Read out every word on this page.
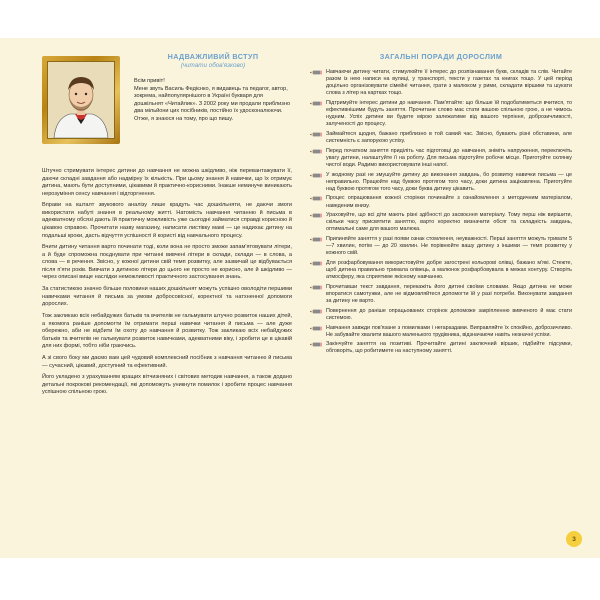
НАДВАЖЛИВИЙ ВСТУП
(читати обов'язково)

Всім привіт!

Мене звуть Василь Федієнко, я видавець та педагог, автор, зокрема, найпопулярнішого в Україні букваря для дошкільнят «Читайлик». З 2002 року ми продали приблизно два мільйони цих посібників, постійно їх удосконалюючи. Отже, я знаюся на тому, про що пишу.

Штучно стримувати інтерес дитини до навчання не можна шкідливо, ніж перевантажувати її, даючи складні завдання або надмірну їх кількість. При цьому знання й навички, що їх отримує дитина, мають бути доступними, цікавими й практично-корисними. Інакше неминуче виникають нерозуміння сенсу навчання і відторгнення.

Вправи на кшталт звукового аналізу лише крадуть час дошкільняти, не даючи змоги використати набуті знання в реальному житті. Натомість навчання читанню й письма в адекватному обсязі дають їй практичну можливість уже сьогодні займатися справді корисною й цікавою справою. Прочитати назву магазину, написати листівку мамі — це надихає дитину на подальші кроки, дасть відчуття успішності й користі від навчального процесу.

Вчити дитину читання варто починати тоді, коли вона не просто зможе запам'ятовувати літери, а й буде спроможна поєднувати при читанні вивчені літери в склади, склади — в слова, а слова — в речення. Звісно, у кожної дитини свій темп розвитку, але зазвичай це відбувається після п'яти років. Вивчати з дитиною літери до цього не просто не корисно, але й шкідливо — через описані вище наслідки неможливості практичного застосування знань.

За статистикою значно більше половини наших дошкільнят можуть успішно оволодіти першими навичками читання й письма за умови добросовісної, коректної та натхненної допомоги дорослих.

Тож закликаю всіх небайдужих батьків та вчителів не гальмувати штучно розвиток наших дітей, а якомога раніше допомогти їм отримати перші навички читання й письма — але дуже обережно, аби не відбити їм охоту до навчання й розвитку. Тож закликаю всіх небайдужих батьків та вчителів не гальмувати розвиток навичками, адекватними віку, і зробити це в цікавій для них формі, тобто ніби граючись.

А зі свого боку ми даємо вам цей чудовий комплексний посібник з навчання читанню й письма — сучасний, цікавий, доступний та ефективний.

Його укладено з урахуванням кращих вітчизняних і світових методик навчання, а також додано детальні покрокові рекомендації, які допоможуть уникнути помилок і зробити процес навчання успішною спільною грою.

ЗАГАЛЬНІ ПОРАДИ ДОРОСЛИМ
Навчаючи дитину читати, стимулюйте її інтерес до розпізнавання букв, складів та слів. Читайте разом із нею написи на вулиці, у транспорті, тексти у газетах та книгах тощо. У цей період доцільно організовувати сімейні читання, грати з малюком у рими, складати віршики та шукати слова з літер на картках тощо.
Підтримуйте інтерес дитини до навчання. Пам'ятайте: що більше їй подобатиметься вчитися, то ефективнішими будуть заняття. Прочитане слово має стати вашою спільною грою, а не чимось нудним. Успіх дитини ви будете мірою залежатиме від вашого терпіння, доброзичливості, залученості до процесу.
Займайтеся щодня, бажано приблизно в той самий час. Звісно, бувають різні обставини, але системність є запорукою успіху.
Перед початком заняття приділіть час підготовці до навчання, зніміть напруження, переключіть увагу дитини, налаштуйте її на роботу. Для письма підготуйте робоче місце. Приготуйте склянку чистої води. Радимо використовувати інші напої.
У жодному разі не змушуйте дитину до виконання завдань, бо розвитку навички письма — це неправильно. Працюйте над буквою протягом того часу, доки дитина зацікавлена. Приготуйте над буквою протягом того часу, доки буква дитину цікавить.
Процес опрацювання кожної сторінки починайте з ознайомлення з методичним матеріалом, наведеним внизу.
Ураховуйте, що всі діти мають різні здібності до засвоєння матеріалу. Тому перш ніж вирішити, скільки часу присвятити заняттю, варто коректно визначити обсяг та складність завдань, оптимальні саме для вашого малюка.
Припиняйте заняття у разі появи ознак стомлення, неуважності. Перші заняття можуть тривати 5—7 хвилин, потім — до 20 хвилин. Не порівнюйте вашу дитину з іншими — темп розвитку у кожного свій.
Для розфарбовування використовуйте добре загострені кольорові олівці, бажано м'які. Стежте, щоб дитина правильно тримала олівець, а малюнок розфарбовувала в межах контуру. Створіть атмосферу, яка сприятиме якісному навчанню.
Прочитавши текст завдання, перекажіть його дитині своїми словами. Якщо дитина не може впоратися самотужки, але не відмовляйтеся допомогти їй у разі потреби. Виконувати завдання за дитину не варто.
Повернення до раніше опрацьованих сторінок допоможе закріпленню вивченого й має стати системою.
Навчання завжди пов'язане з помилками і негараздами. Виправляйте їх спокійно, доброзичливо. Не забувайте хвалити вашого маленького трудівника, відзначаючи навіть незначні успіхи.
Закінчуйте заняття на позитиві. Прочитайте дитині заключний віршик, підбийте підсумки, обговоріть, що робитимете на наступному занятті.
3
